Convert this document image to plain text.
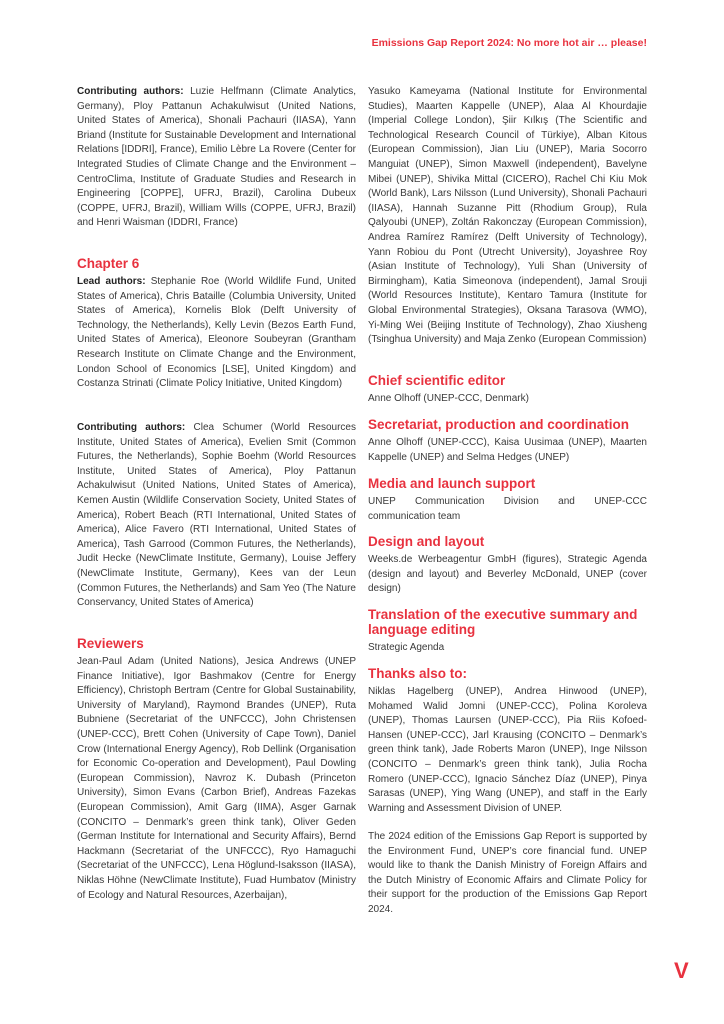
Emissions Gap Report 2024: No more hot air … please!

Contributing authors: Luzie Helfmann (Climate Analytics, Germany), Ploy Pattanun Achakulwisut (United Nations, United States of America), Shonali Pachauri (IIASA), Yann Briand (Institute for Sustainable Development and International Relations [IDDRI], France), Emilio Lèbre La Rovere (Center for Integrated Studies of Climate Change and the Environment – CentroClima, Institute of Graduate Studies and Research in Engineering [COPPE], UFRJ, Brazil), Carolina Dubeux (COPPE, UFRJ, Brazil), William Wills (COPPE, UFRJ, Brazil) and Henri Waisman (IDDRI, France)

Chapter 6

Lead authors: Stephanie Roe (World Wildlife Fund, United States of America), Chris Bataille (Columbia University, United States of America), Kornelis Blok (Delft University of Technology, the Netherlands), Kelly Levin (Bezos Earth Fund, United States of America), Eleonore Soubeyran (Grantham Research Institute on Climate Change and the Environment, London School of Economics [LSE], United Kingdom) and Costanza Strinati (Climate Policy Initiative, United Kingdom)

Contributing authors: Clea Schumer (World Resources Institute, United States of America), Evelien Smit (Common Futures, the Netherlands), Sophie Boehm (World Resources Institute, United States of America), Ploy Pattanun Achakulwisut (United Nations, United States of America), Kemen Austin (Wildlife Conservation Society, United States of America), Robert Beach (RTI International, United States of America), Alice Favero (RTI International, United States of America), Tash Garrood (Common Futures, the Netherlands), Judit Hecke (NewClimate Institute, Germany), Louise Jeffery (NewClimate Institute, Germany), Kees van der Leun (Common Futures, the Netherlands) and Sam Yeo (The Nature Conservancy, United States of America)

Reviewers

Jean-Paul Adam (United Nations), Jesica Andrews (UNEP Finance Initiative), Igor Bashmakov (Centre for Energy Efficiency), Christoph Bertram (Centre for Global Sustainability, University of Maryland), Raymond Brandes (UNEP), Ruta Bubniene (Secretariat of the UNFCCC), John Christensen (UNEP-CCC), Brett Cohen (University of Cape Town), Daniel Crow (International Energy Agency), Rob Dellink (Organisation for Economic Co-operation and Development), Paul Dowling (European Commission), Navroz K. Dubash (Princeton University), Simon Evans (Carbon Brief), Andreas Fazekas (European Commission), Amit Garg (IIMA), Asger Garnak (CONCITO – Denmark’s green think tank), Oliver Geden (German Institute for International and Security Affairs), Bernd Hackmann (Secretariat of the UNFCCC), Ryo Hamaguchi (Secretariat of the UNFCCC), Lena Höglund-Isaksson (IIASA), Niklas Höhne (NewClimate Institute), Fuad Humbatov (Ministry of Ecology and Natural Resources, Azerbaijan),

Yasuko Kameyama (National Institute for Environmental Studies), Maarten Kappelle (UNEP), Alaa Al Khourdajie (Imperial College London), Şiir Kılkış (The Scientific and Technological Research Council of Türkiye), Alban Kitous (European Commission), Jian Liu (UNEP), Maria Socorro Manguiat (UNEP), Simon Maxwell (independent), Bavelyne Mibei (UNEP), Shivika Mittal (CICERO), Rachel Chi Kiu Mok (World Bank), Lars Nilsson (Lund University), Shonali Pachauri (IIASA), Hannah Suzanne Pitt (Rhodium Group), Rula Qalyoubi (UNEP), Zoltán Rakonczay (European Commission), Andrea Ramírez Ramírez (Delft University of Technology), Yann Robiou du Pont (Utrecht University), Joyashree Roy (Asian Institute of Technology), Yuli Shan (University of Birmingham), Katia Simeonova (independent), Jamal Srouji (World Resources Institute), Kentaro Tamura (Institute for Global Environmental Strategies), Oksana Tarasova (WMO), Yi-Ming Wei (Beijing Institute of Technology), Zhao Xiusheng (Tsinghua University) and Maja Zenko (European Commission)

Chief scientific editor

Anne Olhoff (UNEP-CCC, Denmark)

Secretariat, production and coordination

Anne Olhoff (UNEP-CCC), Kaisa Uusimaa (UNEP), Maarten Kappelle (UNEP) and Selma Hedges (UNEP)

Media and launch support

UNEP Communication Division and UNEP-CCC communication team

Design and layout

Weeks.de Werbeagentur GmbH (figures), Strategic Agenda (design and layout) and Beverley McDonald, UNEP (cover design)

Translation of the executive summary and language editing

Strategic Agenda

Thanks also to:

Niklas Hagelberg (UNEP), Andrea Hinwood (UNEP), Mohamed Walid Jomni (UNEP-CCC), Polina Koroleva (UNEP), Thomas Laursen (UNEP-CCC), Pia Riis Kofoed-Hansen (UNEP-CCC), Jarl Krausing (CONCITO – Denmark’s green think tank), Jade Roberts Maron (UNEP), Inge Nilsson (CONCITO – Denmark’s green think tank), Julia Rocha Romero (UNEP-CCC), Ignacio Sánchez Díaz (UNEP), Pinya Sarasas (UNEP), Ying Wang (UNEP), and staff in the Early Warning and Assessment Division of UNEP.

The 2024 edition of the Emissions Gap Report is supported by the Environment Fund, UNEP’s core financial fund. UNEP would like to thank the Danish Ministry of Foreign Affairs and the Dutch Ministry of Economic Affairs and Climate Policy for their support for the production of the Emissions Gap Report 2024.

V
